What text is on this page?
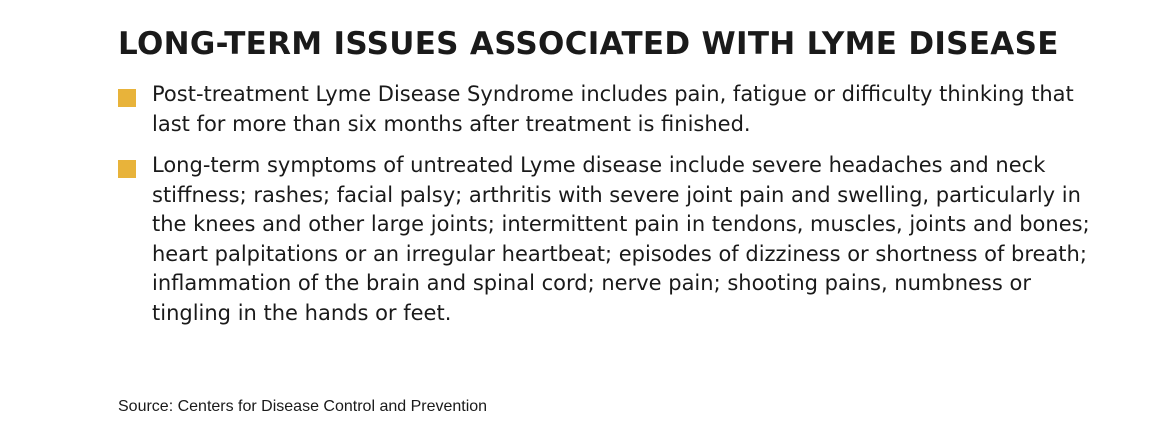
LONG-TERM ISSUES ASSOCIATED WITH LYME DISEASE

Post-treatment Lyme Disease Syndrome includes pain, fatigue or difficulty thinking that last for more than six months after treatment is finished.

Long-term symptoms of untreated Lyme disease include severe headaches and neck stiffness; rashes; facial palsy; arthritis with severe joint pain and swelling, particularly in the knees and other large joints; intermittent pain in tendons, muscles, joints and bones; heart palpitations or an irregular heartbeat; episodes of dizziness or shortness of breath; inflammation of the brain and spinal cord; nerve pain; shooting pains, numbness or tingling in the hands or feet.

Source: Centers for Disease Control and Prevention
